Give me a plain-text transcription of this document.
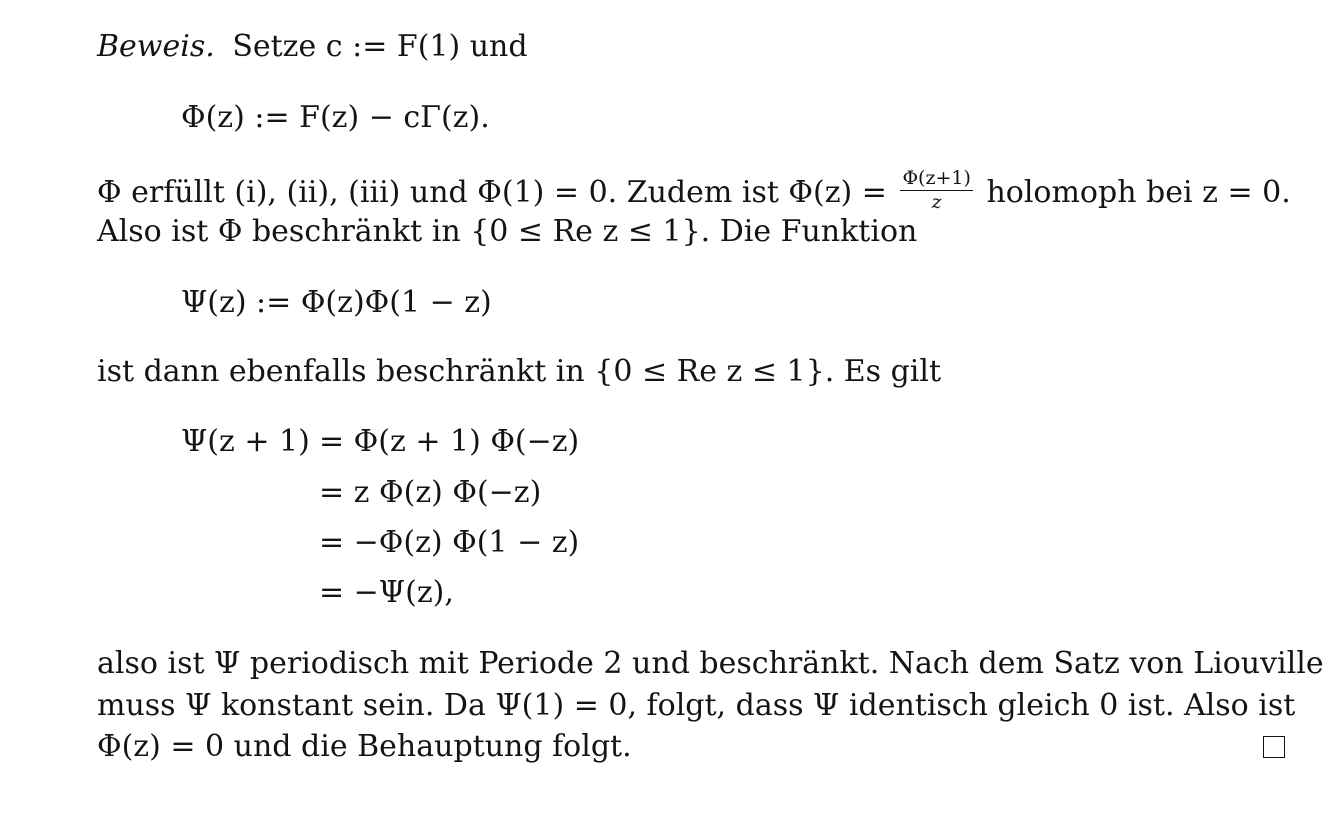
Beweis. Setze c := F(1) und
Φ(z) := F(z) − cΓ(z).
Φ erfüllt (i), (ii), (iii) und Φ(1) = 0. Zudem ist $\Phi(z) = \frac{\Phi(z+1)}{z}$ holomoph bei z = 0.
Also ist Φ beschränkt in {0 ≤ Re z ≤ 1}. Die Funktion
Ψ(z) := Φ(z)Φ(1 − z)
ist dann ebenfalls beschränkt in {0 ≤ Re z ≤ 1}. Es gilt
Ψ(z + 1) = Φ(z + 1) Φ(−z)
= z Φ(z) Φ(−z)
= −Φ(z) Φ(1 − z)
= −Ψ(z),
also ist Ψ periodisch mit Periode 2 und beschränkt. Nach dem Satz von Liouville
muss Ψ konstant sein. Da Ψ(1) = 0, folgt, dass Ψ identisch gleich 0 ist. Also ist
Φ(z) = 0 und die Behauptung folgt.
